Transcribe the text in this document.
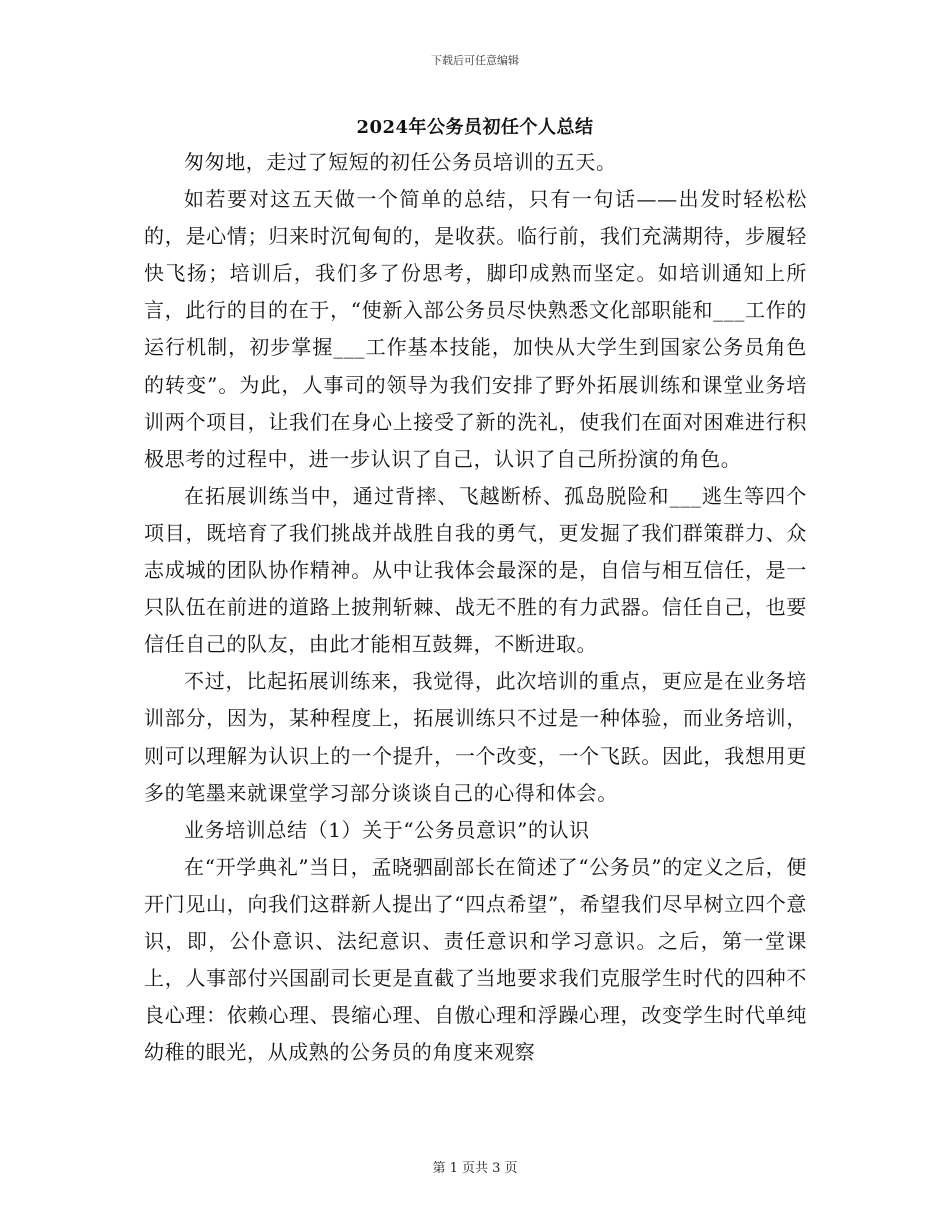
下载后可任意编辑
2024年公务员初任个人总结

匆匆地，走过了短短的初任公务员培训的五天。

如若要对这五天做一个简单的总结，只有一句话——出发时轻松松的，是心情；归来时沉甸甸的，是收获。临行前，我们充满期待，步履轻快飞扬；培训后，我们多了份思考，脚印成熟而坚定。如培训通知上所言，此行的目的在于，“使新入部公务员尽快熟悉文化部职能和___工作的运行机制，初步掌握___工作基本技能，加快从大学生到国家公务员角色的转变”。为此，人事司的领导为我们安排了野外拓展训练和课堂业务培训两个项目，让我们在身心上接受了新的洗礼，使我们在面对困难进行积极思考的过程中，进一步认识了自己，认识了自己所扮演的角色。

在拓展训练当中，通过背摔、飞越断桥、孤岛脱险和___逃生等四个项目，既培育了我们挑战并战胜自我的勇气，更发掘了我们群策群力、众志成城的团队协作精神。从中让我体会最深的是，自信与相互信任，是一只队伍在前进的道路上披荆斩棘、战无不胜的有力武器。信任自己，也要信任自己的队友，由此才能相互鼓舞，不断进取。

不过，比起拓展训练来，我觉得，此次培训的重点，更应是在业务培训部分，因为，某种程度上，拓展训练只不过是一种体验，而业务培训，则可以理解为认识上的一个提升，一个改变，一个飞跃。因此，我想用更多的笔墨来就课堂学习部分谈谈自己的心得和体会。

业务培训总结（1）关于“公务员意识”的认识

在“开学典礼”当日，孟晓驷副部长在简述了“公务员”的定义之后，便开门见山，向我们这群新人提出了“四点希望”，希望我们尽早树立四个意识，即，公仆意识、法纪意识、责任意识和学习意识。之后，第一堂课上，人事部付兴国副司长更是直截了当地要求我们克服学生时代的四种不良心理：依赖心理、畏缩心理、自傲心理和浮躁心理，改变学生时代单纯幼稚的眼光，从成熟的公务员的角度来观察

第 1 页共 3 页
